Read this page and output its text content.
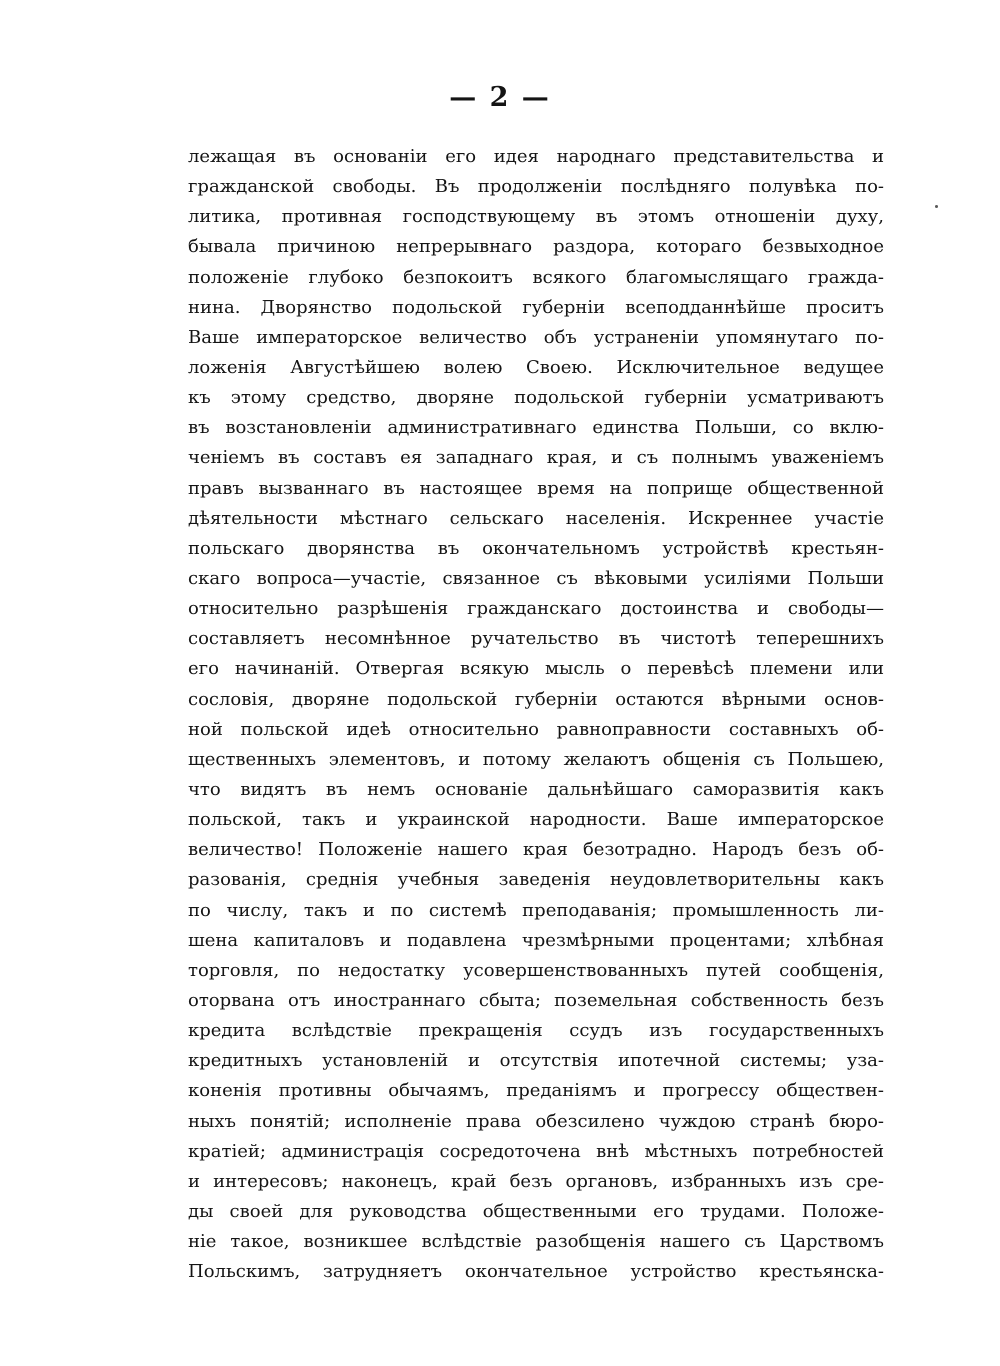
— 2 —
лежащая въ основаніи его идея народнаго представительства и
гражданской свободы. Въ продолженіи послѣдняго полувѣка по-
литика, противная господствующему въ этомъ отношеніи духу,
бывала причиною непрерывнаго раздора, котораго безвыходное
положеніе глубоко безпокоитъ всякого благомыслящаго гражда-
нина. Дворянство подольской губерніи всеподданнѣйше проситъ
Ваше императорское величество объ устраненіи упомянутаго по-
ложенія Августѣйшею волею Своею. Исключительное ведущее
къ этому средство, дворяне подольской губерніи усматриваютъ
въ возстановленіи административнаго единства Польши, со вклю-
ченіемъ въ составъ ея западнаго края, и съ полнымъ уваженіемъ
правъ вызваннаго въ настоящее время на поприще общественной
дѣятельности мѣстнаго сельскаго населенія. Искреннее участіе
польскаго дворянства въ окончательномъ устройствѣ крестьян-
скаго вопроса—участіе, связанное съ вѣковыми усиліями Польши
относительно разрѣшенія гражданскаго достоинства и свободы—
составляетъ несомнѣнное ручательство въ чистотѣ теперешнихъ
его начинаній. Отвергая всякую мысль о перевѣсѣ племени или
сословія, дворяне подольской губерніи остаются вѣрными основ-
ной польской идеѣ относительно равноправности составныхъ об-
щественныхъ элементовъ, и потому желаютъ общенія съ Польшею,
что видятъ въ немъ основаніе дальнѣйшаго саморазвитія какъ
польской, такъ и украинской народности. Ваше императорское
величество! Положеніе нашего края безотрадно. Народъ безъ об-
разованія, среднія учебныя заведенія неудовлетворительны какъ
по числу, такъ и по системѣ преподаванія; промышленность ли-
шена капиталовъ и подавлена чрезмѣрными процентами; хлѣбная
торговля, по недостатку усовершенствованныхъ путей сообщенія,
оторвана отъ иностраннаго сбыта; поземельная собственность безъ
кредита вслѣдствіе прекращенія ссудъ изъ государственныхъ
кредитныхъ установленій и отсутствія ипотечной системы; уза-
коненія противны обычаямъ, преданіямъ и прогрессу обществен-
ныхъ понятій; исполненіе права обезсилено чуждою странѣ бюро-
кратіей; администрація сосредоточена внѣ мѣстныхъ потребностей
и интересовъ; наконецъ, край безъ органовъ, избранныхъ изъ сре-
ды своей для руководства общественными его трудами. Положе-
ніе такое, возникшее вслѣдствіе разобщенія нашего съ Царствомъ
Польскимъ, затрудняетъ окончательное устройство крестьянска-
